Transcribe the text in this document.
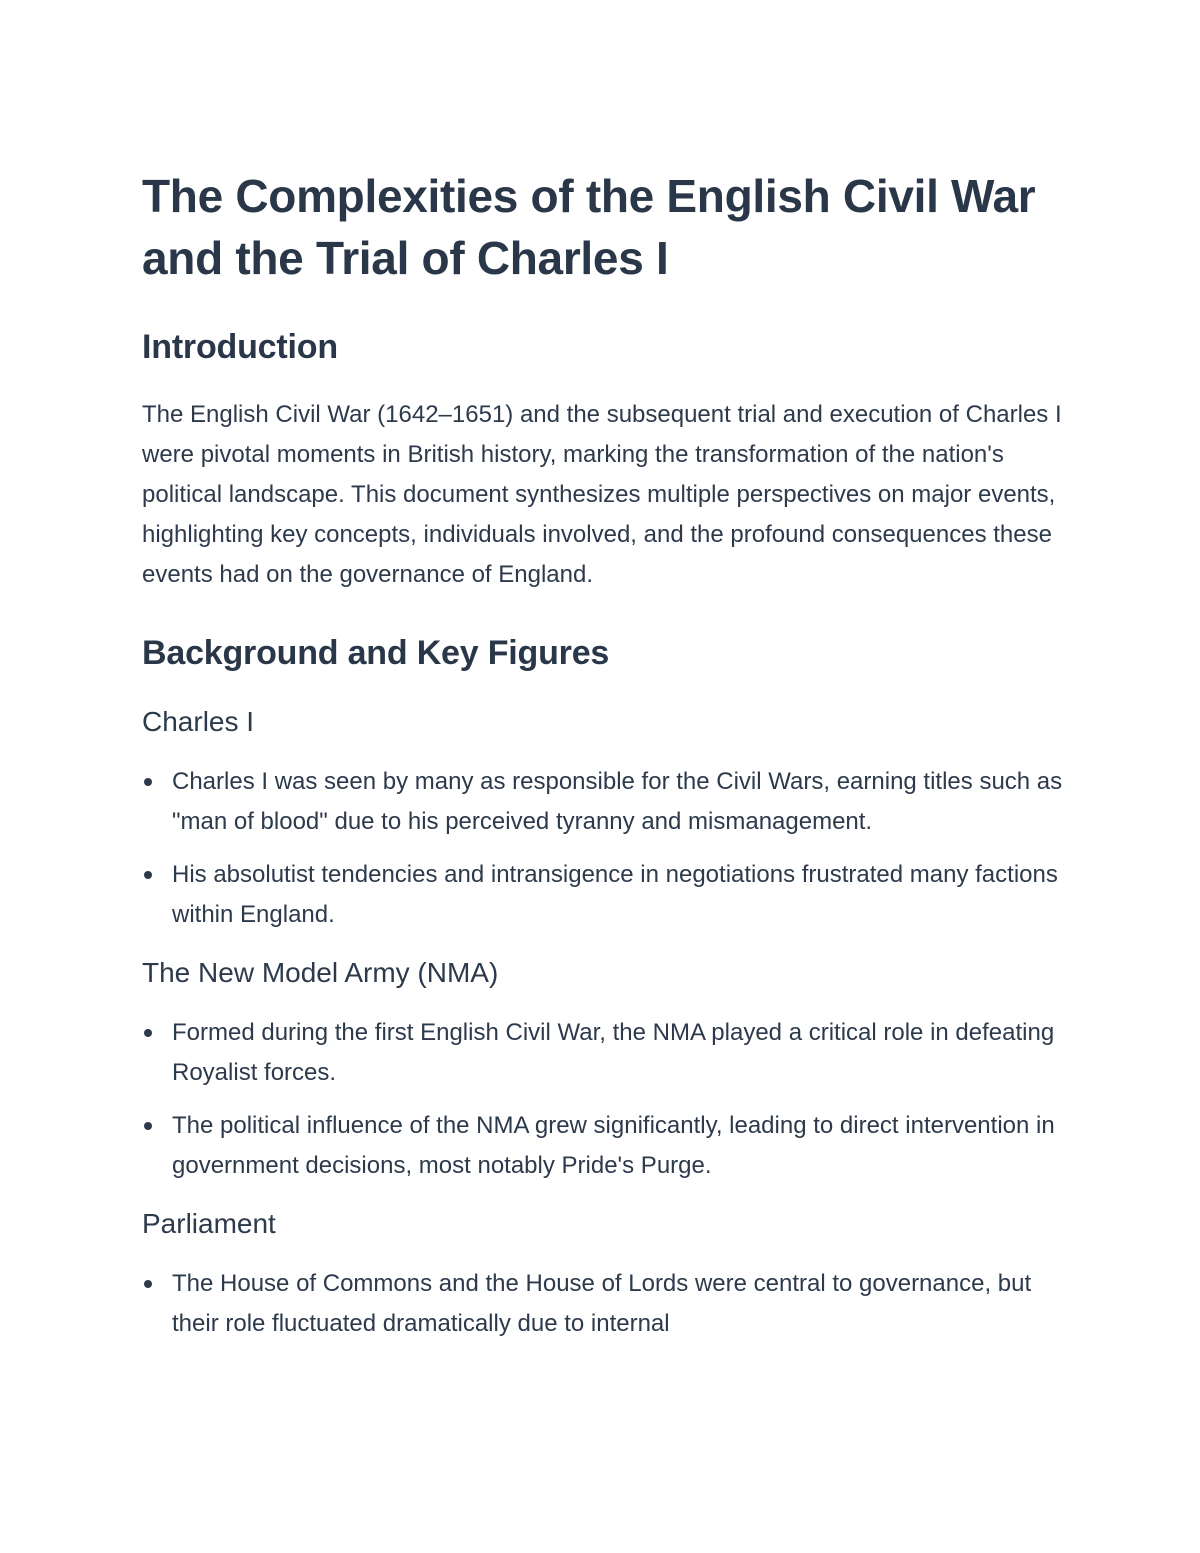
The Complexities of the English Civil War and the Trial of Charles I
Introduction

The English Civil War (1642–1651) and the subsequent trial and execution of Charles I were pivotal moments in British history, marking the transformation of the nation's political landscape. This document synthesizes multiple perspectives on major events, highlighting key concepts, individuals involved, and the profound consequences these events had on the governance of England.

Background and Key Figures
Charles I
Charles I was seen by many as responsible for the Civil Wars, earning titles such as "man of blood" due to his perceived tyranny and mismanagement.
His absolutist tendencies and intransigence in negotiations frustrated many factions within England.
The New Model Army (NMA)
Formed during the first English Civil War, the NMA played a critical role in defeating Royalist forces.
The political influence of the NMA grew significantly, leading to direct intervention in government decisions, most notably Pride's Purge.
Parliament
The House of Commons and the House of Lords were central to governance, but their role fluctuated dramatically due to internal
